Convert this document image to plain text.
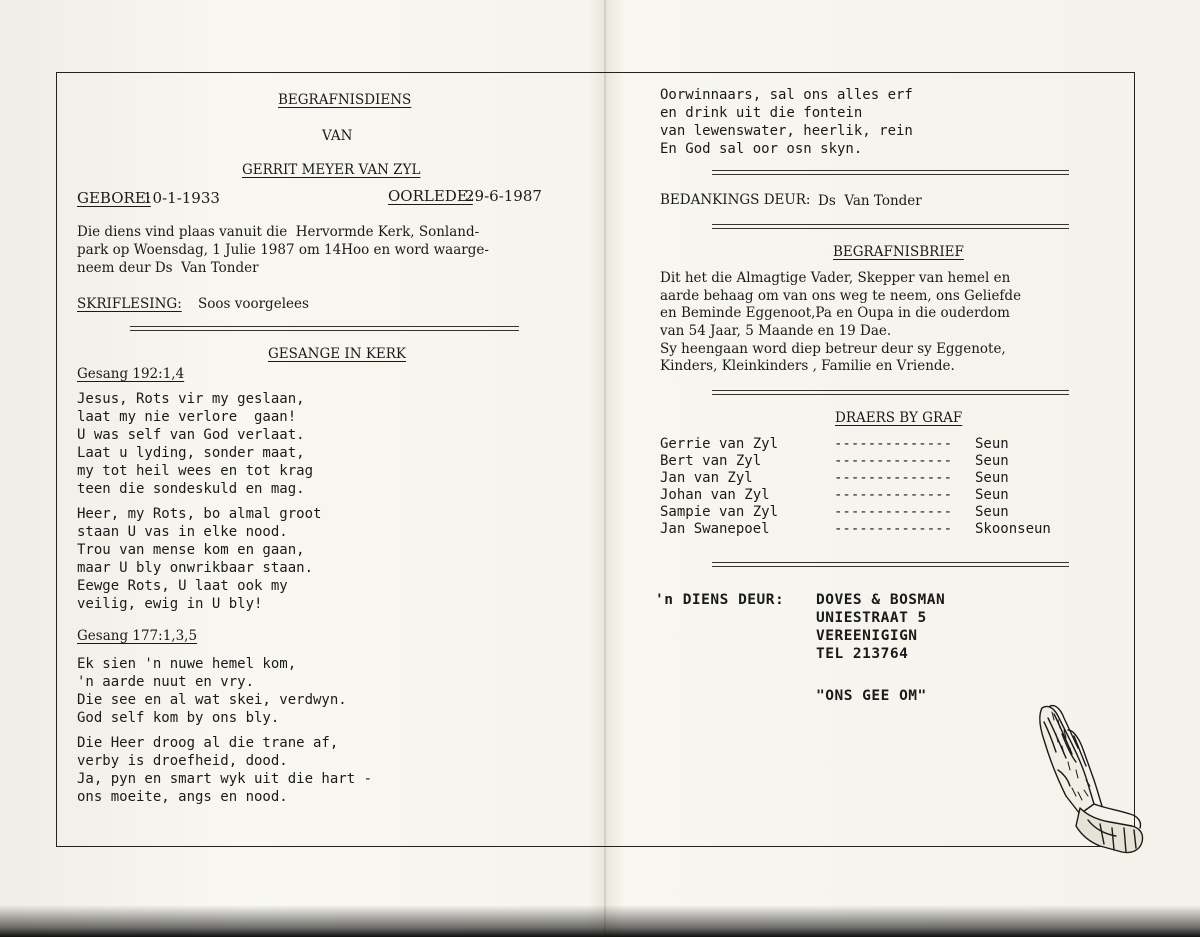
BEGRAFNISDIENS
VAN
GERRIT MEYER VAN ZYL
GEBORE:
10-1-1933	OORLEDE:
29-6-1987
Die diens vind plaas vanuit die  Hervormde Kerk, Sonland-
park op Woensdag, 1 Julie 1987 om 14Hoo en word waarge-
neem deur Ds  Van Tonder
SKRIFLESING: Soos voorgelees
GESANGE IN KERK
Gesang 192:1,4
Jesus, Rots vir my geslaan,
laat my nie verlore  gaan!
U was self van God verlaat.
Laat u lyding, sonder maat,
my tot heil wees en tot krag
teen die sondeskuld en mag.
Heer, my Rots, bo almal groot
staan U vas in elke nood.
Trou van mense kom en gaan,
maar U bly onwrikbaar staan.
Eewge Rots, U laat ook my
veilig, ewig in U bly!
Gesang 177:1,3,5
Ek sien 'n nuwe hemel kom,
'n aarde nuut en vry.
Die see en al wat skei, verdwyn.
God self kom by ons bly.
Die Heer droog al die trane af,
verby is droefheid, dood.
Ja, pyn en smart wyk uit die hart -
ons moeite, angs en nood.
Oorwinnaars, sal ons alles erf
en drink uit die fontein
van lewenswater, heerlik, rein
En God sal oor osn skyn.
BEDANKINGS DEUR: Ds  Van Tonder
BEGRAFNISBRIEF
Dit het die Almagtige Vader, Skepper van hemel en
aarde behaag om van ons weg te neem, ons Geliefde
en Beminde Eggenoot,Pa en Oupa in die ouderdom
van 54 Jaar, 5 Maande en 19 Dae.
Sy heengaan word diep betreur deur sy Eggenote,
Kinders, Kleinkinders , Familie en Vriende.
DRAERS BY GRAF
Gerrie van Zyl	-------------- Seun
Bert van Zyl	-------------- Seun
Jan van Zyl	-------------- Seun
Johan van Zyl	-------------- Seun
Sampie van Zyl	-------------- Seun
Jan Swanepoel	-------------- Skoonseun
'n DIENS DEUR: DOVES & BOSMAN
UNIESTRAAT 5
VEREENIGIGN
TEL 213764
"ONS GEE OM"
